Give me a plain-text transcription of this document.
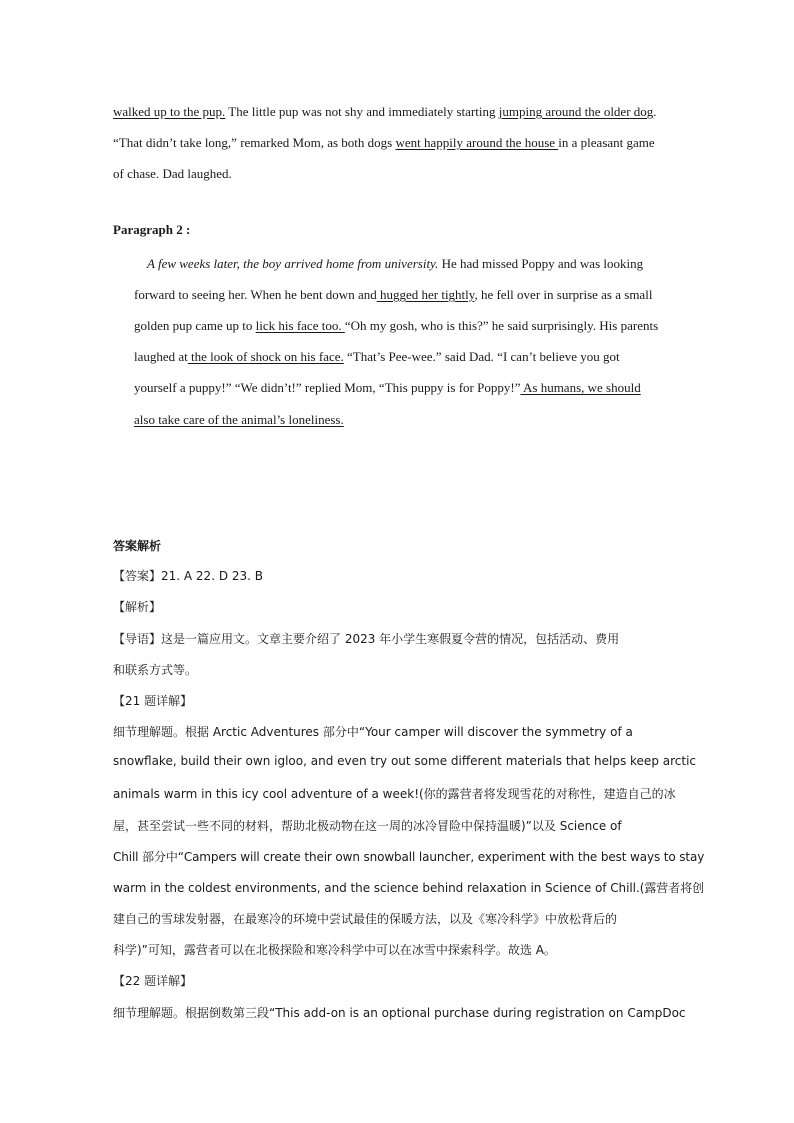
walked up to the pup. The little pup was not shy and immediately starting jumping around the older dog.
“That didn’t take long,” remarked Mom, as both dogs went happily around the house in a pleasant game
of chase. Dad laughed.
Paragraph 2 :
A few weeks later, the boy arrived home from university. He had missed Poppy and was looking
forward to seeing her. When he bent down and hugged her tightly, he fell over in surprise as a small
golden pup came up to lick his face too. “Oh my gosh, who is this?” he said surprisingly. His parents
laughed at the look of shock on his face. “That’s Pee-wee.” said Dad. “I can’t believe you got
yourself a puppy!” “We didn’t!” replied Mom, “This puppy is for Poppy!” As humans, we should
also take care of the animal’s loneliness.
答案解析
【答案】21. A 22. D 23. B
【解析】
【导语】这是一篇应用文。文章主要介绍了 2023 年小学生寒假夏令营的情况，包括活动、费用
和联系方式等。
【21 题详解】
细节理解题。根据 Arctic Adventures 部分中“Your camper will discover the symmetry of a
snowflake, build their own igloo, and even try out some different materials that helps keep arctic
animals warm in this icy cool adventure of a week!(你的露营者将发现雪花的对称性，建造自己的冰
屋，甚至尝试一些不同的材料，帮助北极动物在这一周的冰冷冒险中保持温暖)”以及 Science of
Chill 部分中“Campers will create their own snowball launcher, experiment with the best ways to stay
warm in the coldest environments, and the science behind relaxation in Science of Chill.(露营者将创
建自己的雪球发射器，在最寒冷的环境中尝试最佳的保暖方法，以及《寒冷科学》中放松背后的
科学)”可知，露营者可以在北极探险和寒冷科学中可以在冰雪中探索科学。故选 A。
【22 题详解】
细节理解题。根据倒数第三段“This add-on is an optional purchase during registration on CampDoc
